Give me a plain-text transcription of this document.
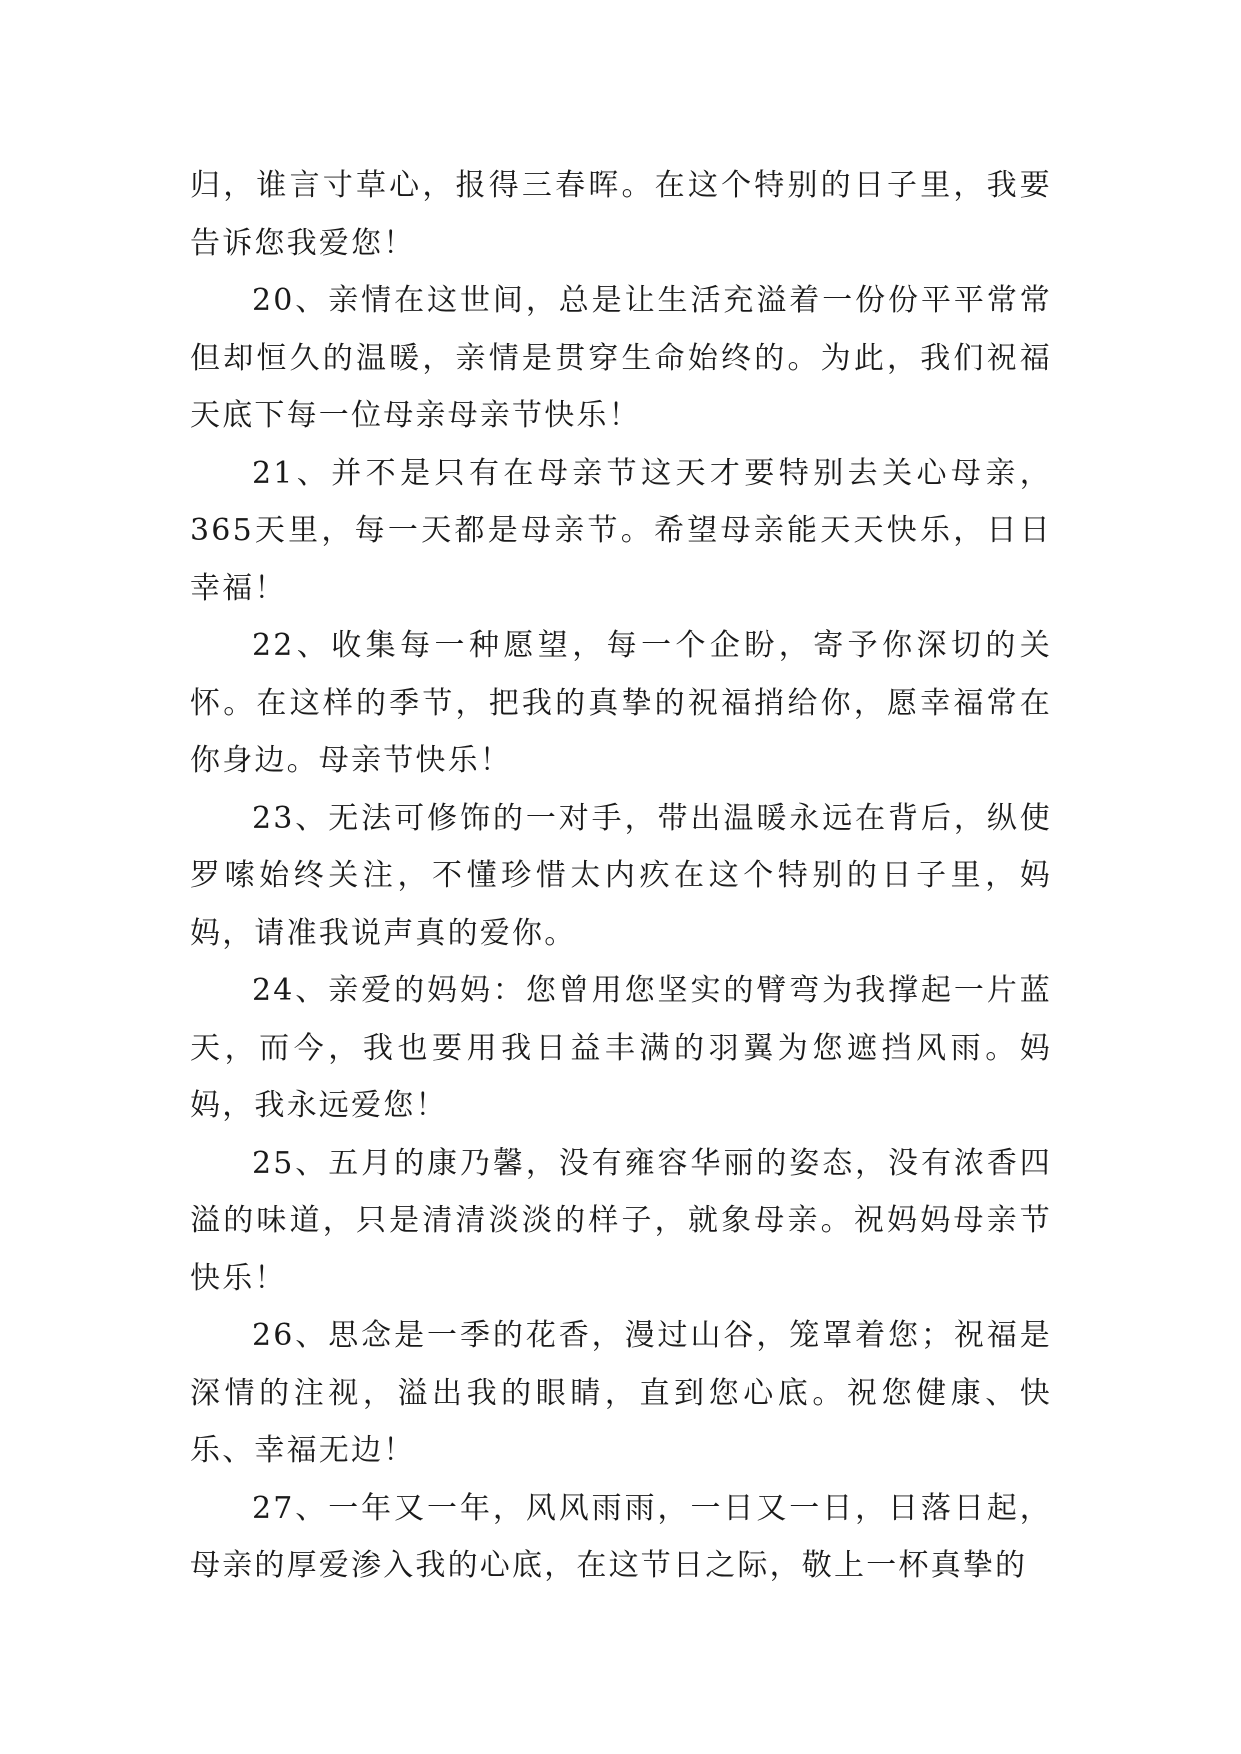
归，谁言寸草心，报得三春晖。在这个特别的日子里，我要告诉您我爱您！

20、亲情在这世间，总是让生活充溢着一份份平平常常但却恒久的温暖，亲情是贯穿生命始终的。为此，我们祝福天底下每一位母亲母亲节快乐！

21、并不是只有在母亲节这天才要特别去关心母亲，365天里，每一天都是母亲节。希望母亲能天天快乐，日日幸福！

22、收集每一种愿望，每一个企盼，寄予你深切的关怀。在这样的季节，把我的真挚的祝福捎给你，愿幸福常在你身边。母亲节快乐！

23、无法可修饰的一对手，带出温暖永远在背后，纵使罗嗦始终关注，不懂珍惜太内疚在这个特别的日子里，妈妈，请准我说声真的爱你。

24、亲爱的妈妈：您曾用您坚实的臂弯为我撑起一片蓝天，而今，我也要用我日益丰满的羽翼为您遮挡风雨。妈妈，我永远爱您！

25、五月的康乃馨，没有雍容华丽的姿态，没有浓香四溢的味道，只是清清淡淡的样子，就象母亲。祝妈妈母亲节快乐！

26、思念是一季的花香，漫过山谷，笼罩着您；祝福是深情的注视，溢出我的眼睛，直到您心底。祝您健康、快乐、幸福无边！

27、一年又一年，风风雨雨，一日又一日，日落日起，母亲的厚爱渗入我的心底，在这节日之际，敬上一杯真挚的
